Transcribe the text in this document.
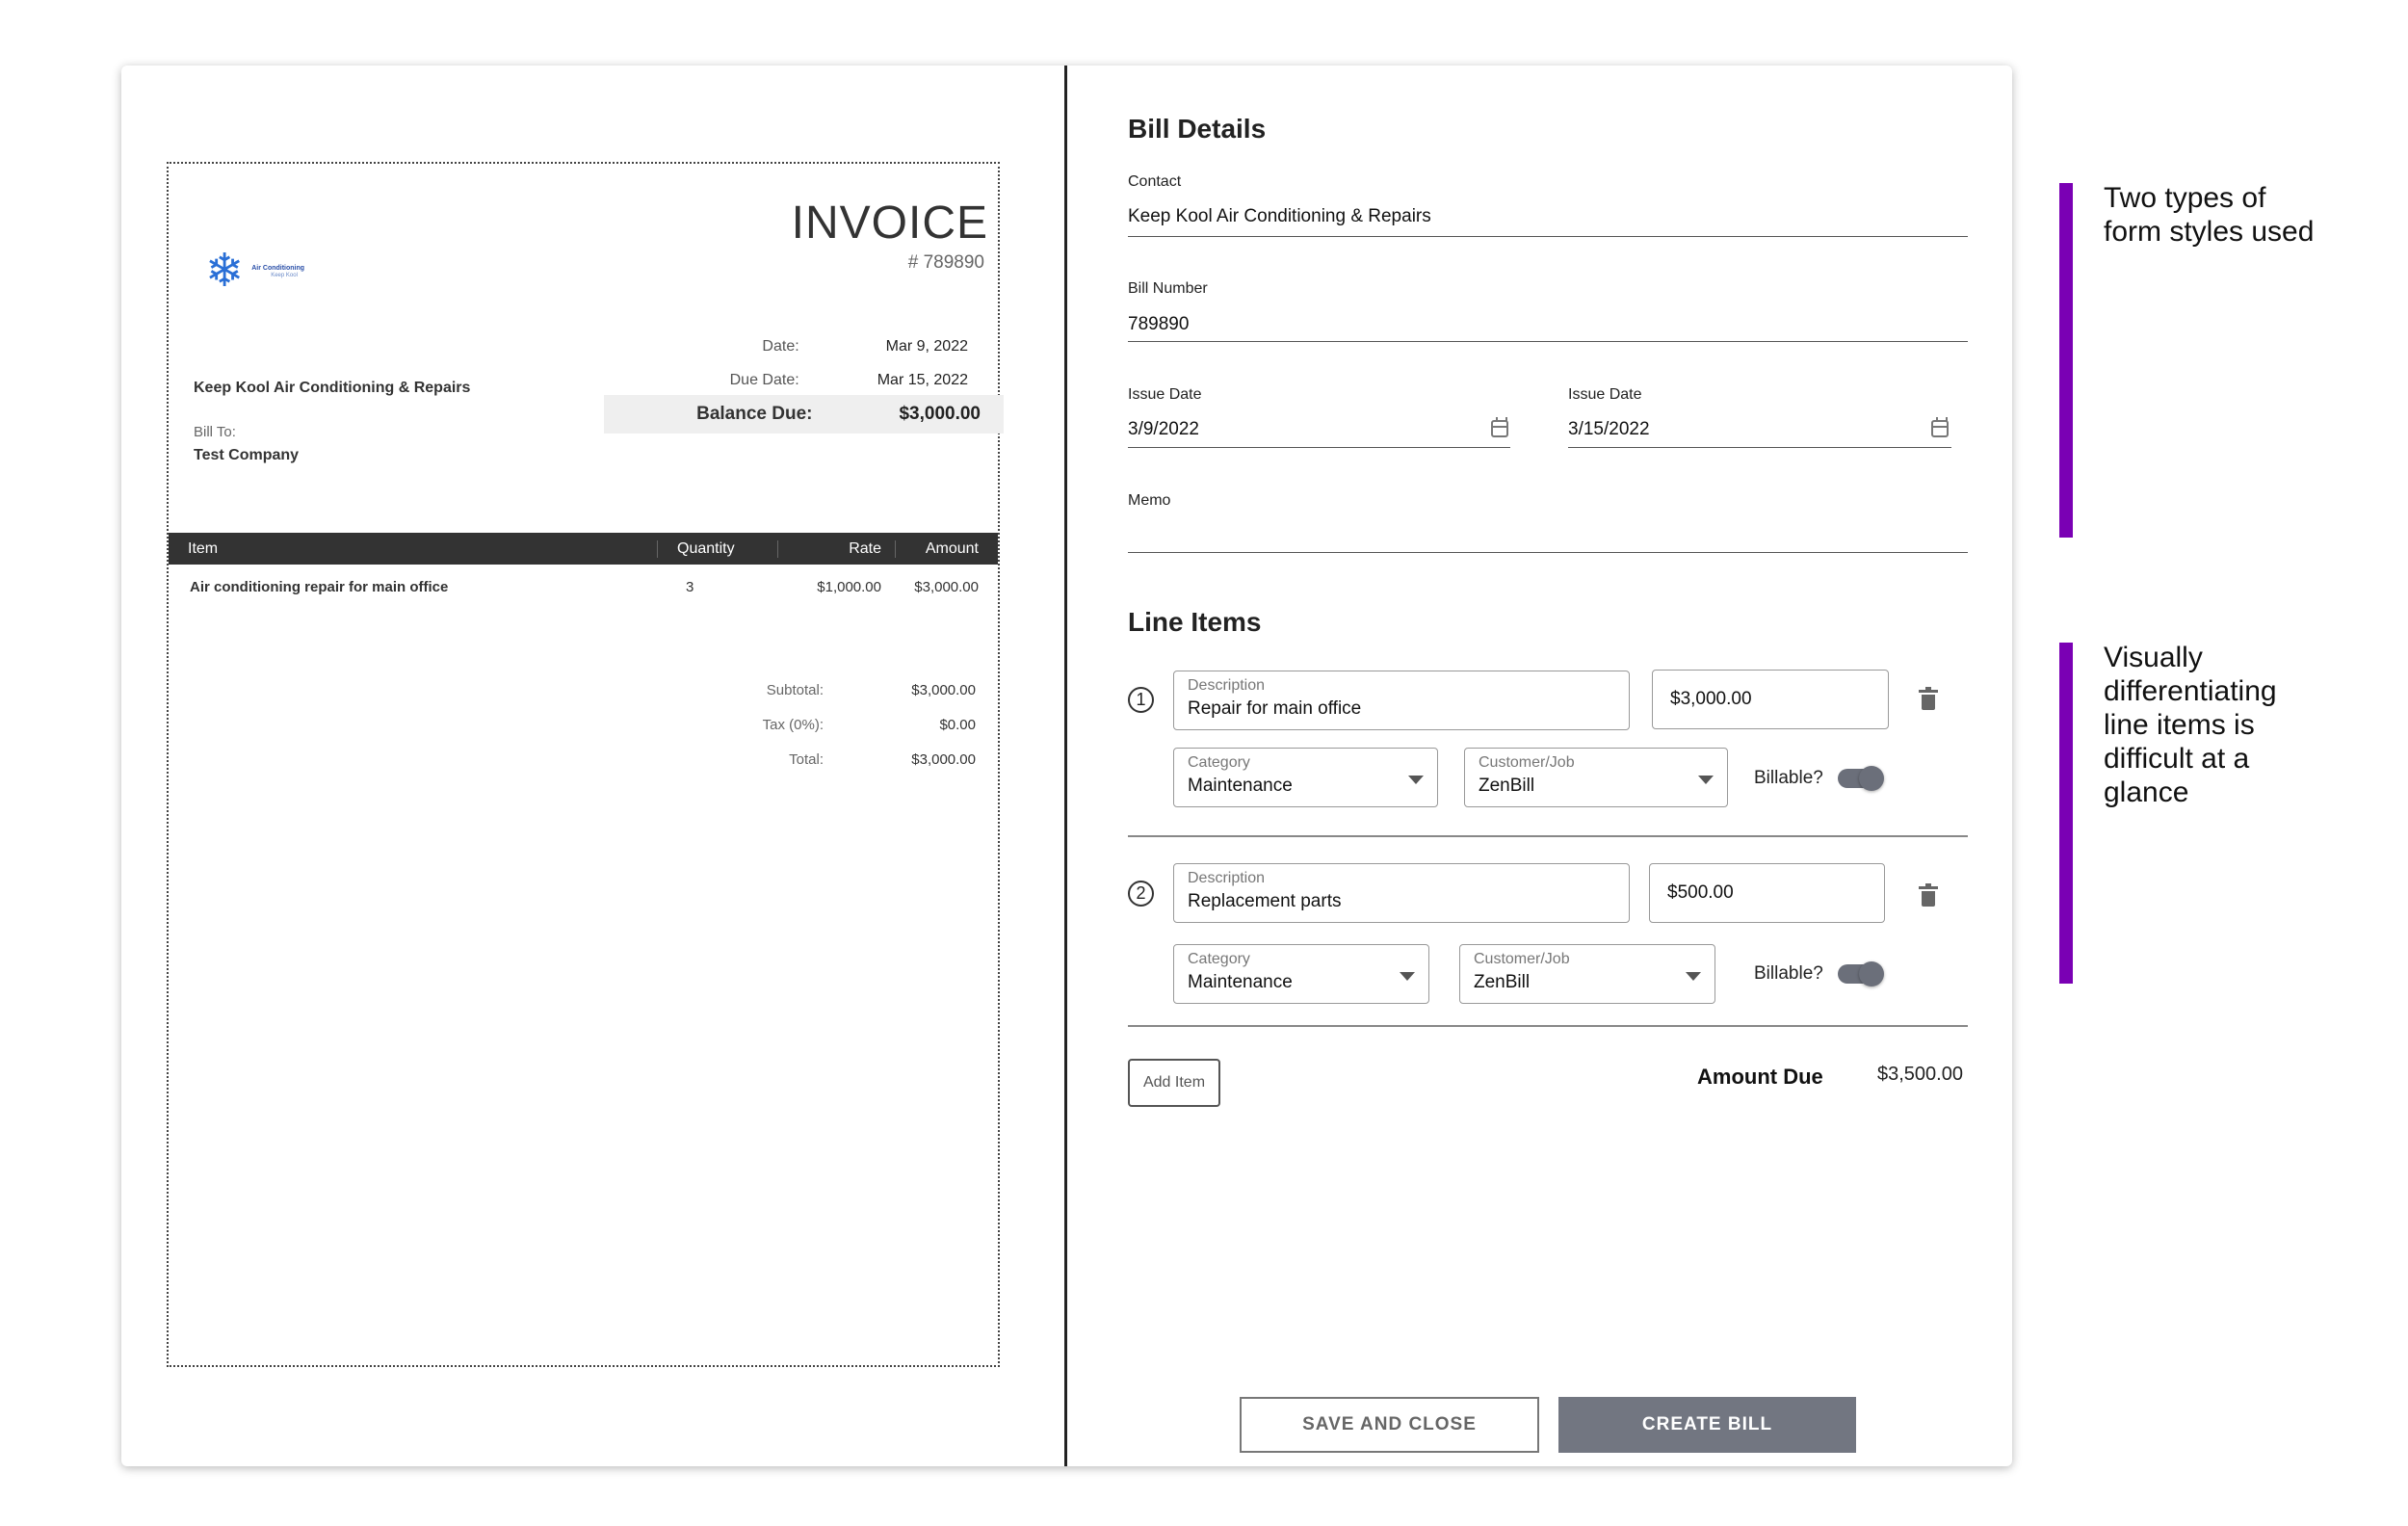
❄ Air Conditioning
Keep Kool
INVOICE
# 789890
Date:	Mar 9, 2022
Due Date:	Mar 15, 2022
Balance Due:	$3,000.00
Keep Kool Air Conditioning & Repairs
Bill To:
Test Company
Item	Quantity	Rate	Amount
Air conditioning repair for main office	3	$1,000.00	$3,000.00
Subtotal:	$3,000.00
Tax (0%):	$0.00
Total:	$3,000.00
Bill Details
Contact
Keep Kool Air Conditioning & Repairs
Bill Number
789890
Issue Date
3/9/2022
Issue Date
3/15/2022
Memo
Line Items
1
Description
Repair for main office	$3,000.00
Category
Maintenance
Customer/Job
ZenBill	Billable?
2
Description
Replacement parts	$500.00
Category
Maintenance
Customer/Job
ZenBill	Billable?
Add Item	Amount Due	$3,500.00
SAVE AND CLOSE	CREATE BILL
Two types of form styles used
Visually differentiating line items is difficult at a glance
